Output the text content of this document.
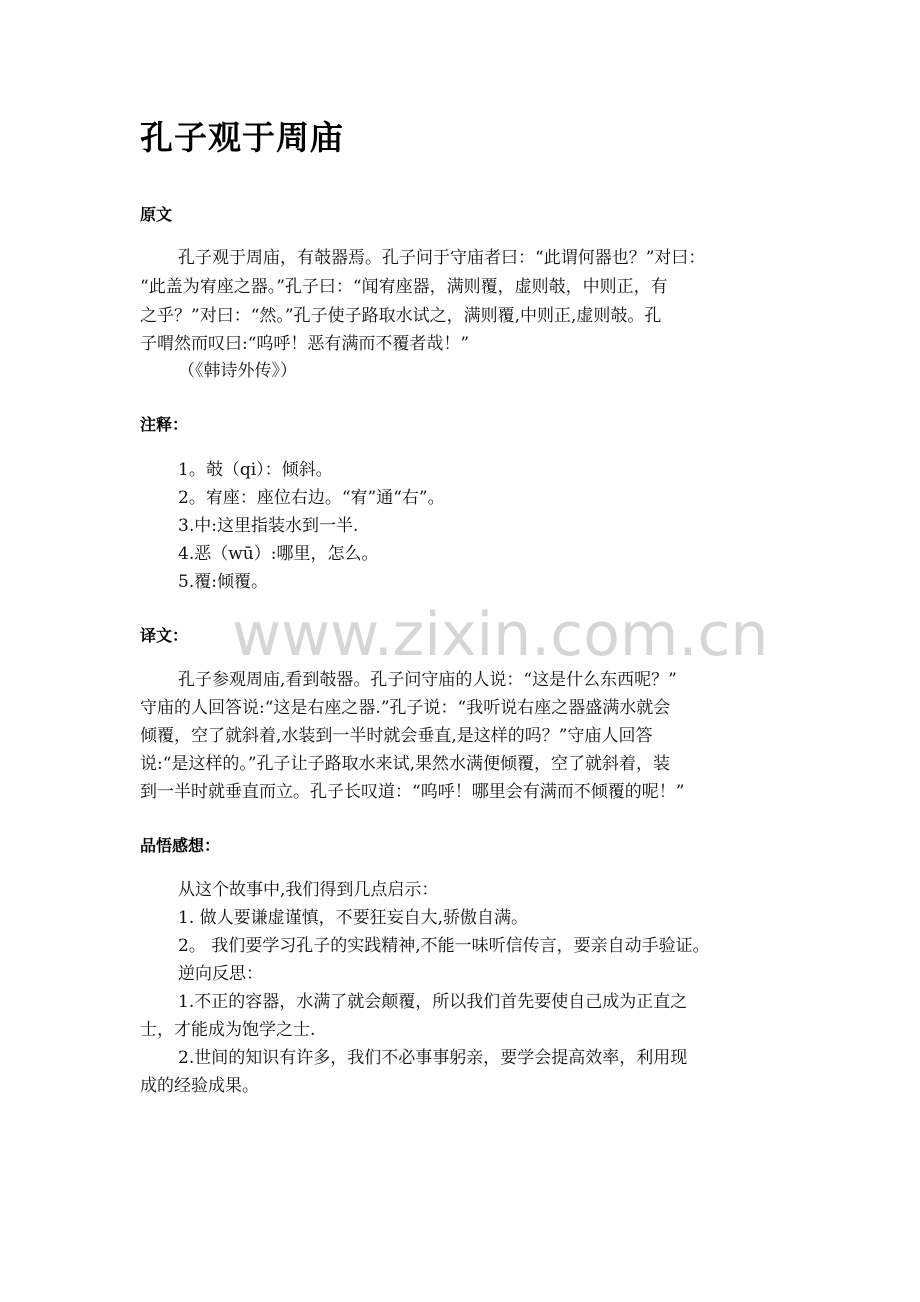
www.zixin.com.cn
孔子观于周庙
原文

孔子观于周庙，有攲器焉。孔子问于守庙者曰：“此谓何器也？”对曰：

“此盖为宥座之器。”孔子曰：“闻宥座器，满则覆，虚则攲，中则正，有

之乎？”对曰：“然。”孔子使子路取水试之，满则覆,中则正,虚则攲。孔

子喟然而叹曰:“呜呼！恶有满而不覆者哉！”

（《韩诗外传》）

注释：

1。攲（qi）：倾斜。

2。宥座：座位右边。“宥”通“右”。

3.中:这里指装水到一半.

4.恶（wū）:哪里，怎么。

5.覆:倾覆。

译文：

孔子参观周庙,看到攲器。孔子问守庙的人说：“这是什么东西呢？”

守庙的人回答说:“这是右座之器.”孔子说：“我听说右座之器盛满水就会

倾覆，空了就斜着,水装到一半时就会垂直,是这样的吗？”守庙人回答

说:“是这样的。”孔子让子路取水来试,果然水满便倾覆，空了就斜着，装

到一半时就垂直而立。孔子长叹道：“呜呼！哪里会有满而不倾覆的呢！”

品悟感想：

从这个故事中,我们得到几点启示：

1. 做人要谦虚谨慎，不要狂妄自大,骄傲自满。

2。 我们要学习孔子的实践精神,不能一味听信传言，要亲自动手验证。

逆向反思：

1.不正的容器，水满了就会颠覆，所以我们首先要使自己成为正直之

士，才能成为饱学之士.

2.世间的知识有许多，我们不必事事躬亲，要学会提高效率，利用现

成的经验成果。
